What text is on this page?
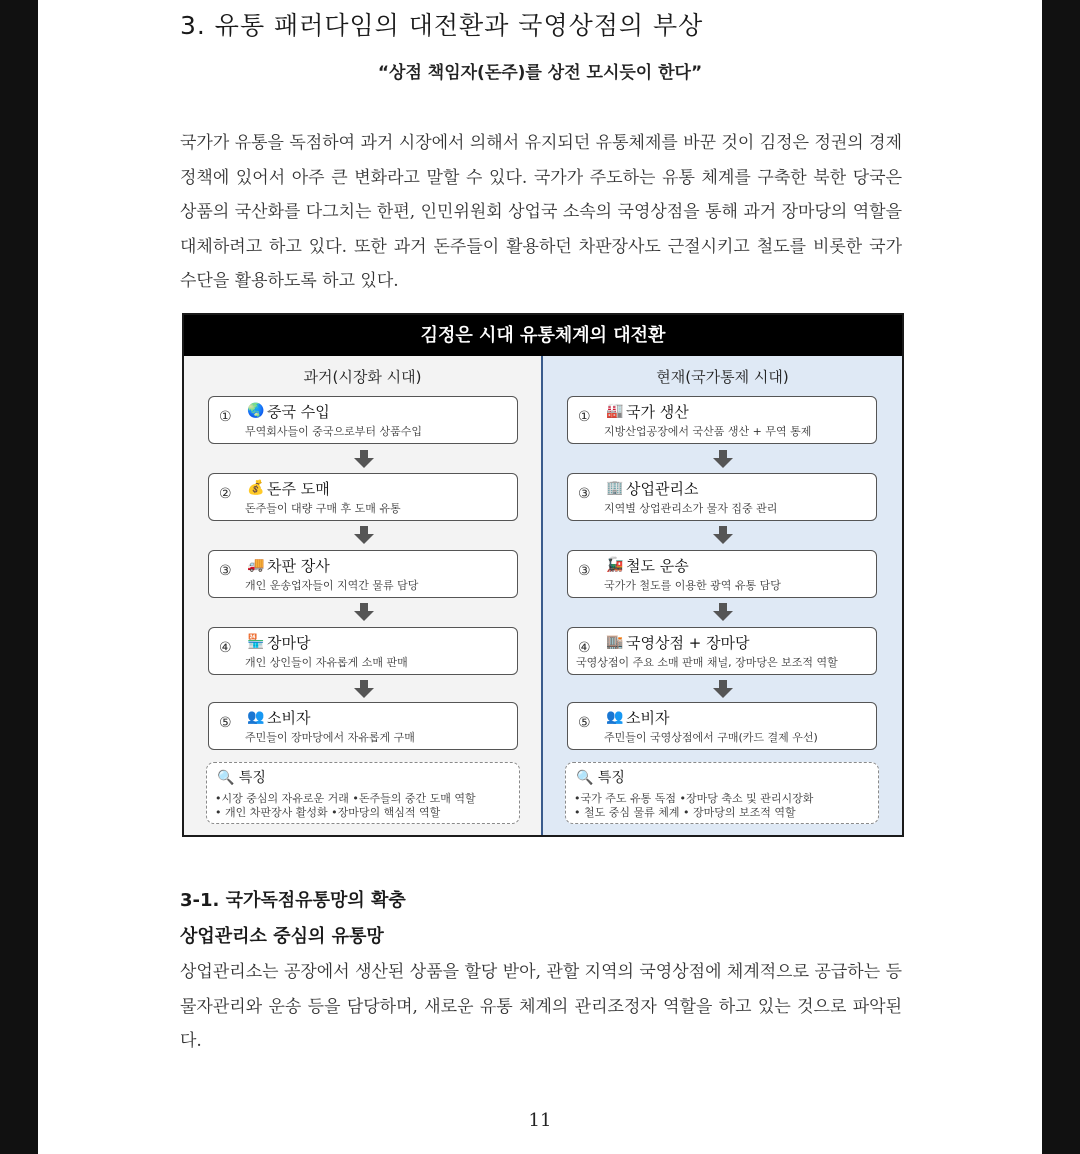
3. 유통 패러다임의 대전환과 국영상점의 부상
“상점 책임자(돈주)를 상전 모시듯이 한다”
국가가 유통을 독점하여 과거 시장에서 의해서 유지되던 유통체제를 바꾼 것이 김정은 정권의 경제 정책에 있어서 아주 큰 변화라고 말할 수 있다. 국가가 주도하는 유통 체계를 구축한 북한 당국은 상품의 국산화를 다그치는 한편, 인민위원회 상업국 소속의 국영상점을 통해 과거 장마당의 역할을 대체하려고 하고 있다. 또한 과거 돈주들이 활용하던 차판장사도 근절시키고 철도를 비롯한 국가 수단을 활용하도록 하고 있다.
김정은 시대 유통체계의 대전환
과거(시장화 시대)
① 🌏 중국 수입
무역회사들이 중국으로부터 상품수입
② 💰 돈주 도매
돈주들이 대량 구매 후 도매 유통
③ 🚚 차판 장사
개인 운송업자들이 지역간 물류 담당
④ 🏪 장마당
개인 상인들이 자유롭게 소매 판매
⑤ 👥 소비자
주민들이 장마당에서 자유롭게 구매
🔍 특징
•시장 중심의 자유로운 거래 •돈주들의 중간 도매 역할
• 개인 차판장사 활성화 •장마당의 핵심적 역할
현재(국가통제 시대)
① 🏭 국가 생산
지방산업공장에서 국산품 생산 + 무역 통제
③ 🏢 상업관리소
지역별 상업관리소가 물자 집중 관리
③ 🚂 철도 운송
국가가 철도를 이용한 광역 유통 담당
④ 🏬 국영상점 + 장마당
국영상점이 주요 소매 판매 채널, 장마당은 보조적 역할
⑤ 👥 소비자
주민들이 국영상점에서 구매(카드 결제 우선)
🔍 특징
•국가 주도 유통 독점 •장마당 축소 및 관리시장화
• 철도 중심 물류 체계 • 장마당의 보조적 역할
3-1. 국가독점유통망의 확충
상업관리소 중심의 유통망
상업관리소는 공장에서 생산된 상품을 할당 받아, 관할 지역의 국영상점에 체계적으로 공급하는 등 물자관리와 운송 등을 담당하며, 새로운 유통 체계의 관리조정자 역할을 하고 있는 것으로 파악된다.
11
